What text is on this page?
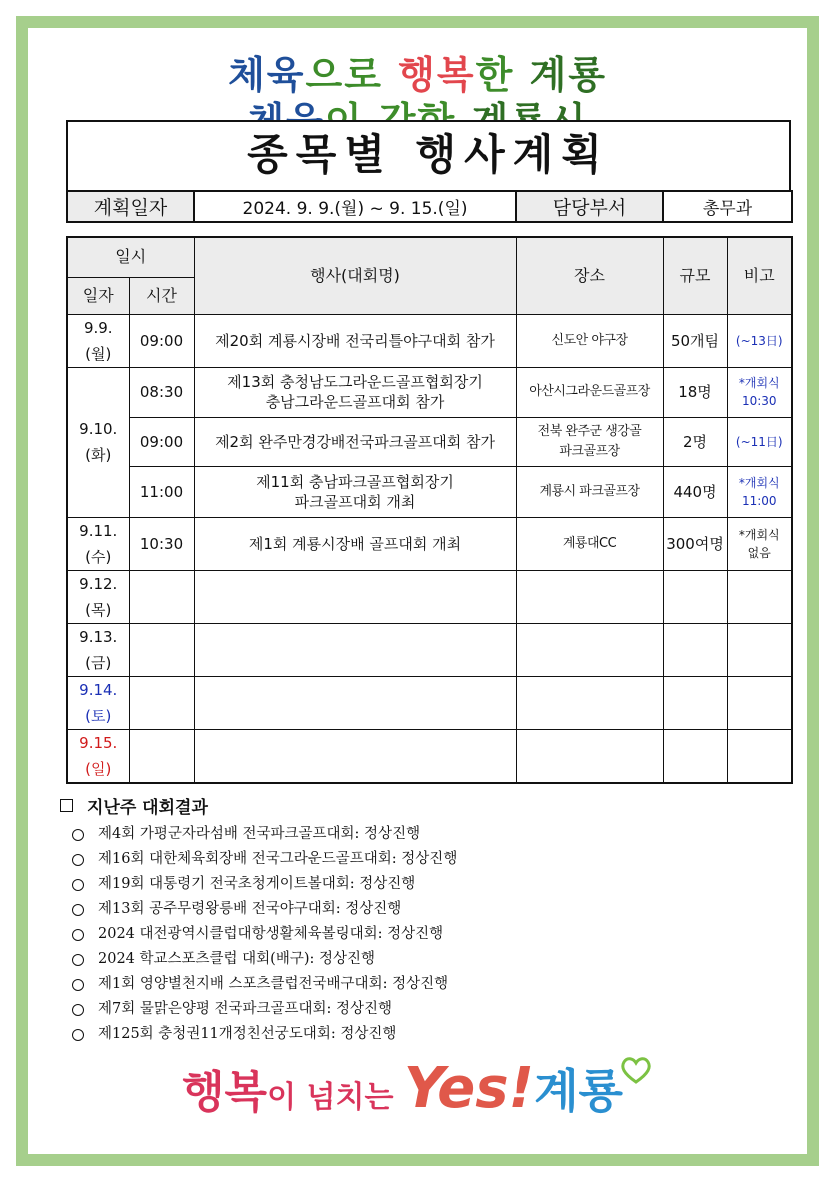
체육으로 행복한 계룡
종목별 행사계획
계획일자	2024. 9. 9.(월) ~ 9. 15.(일)	담당부서	총무과
일시		행사(대회명)	장소	규모	비고
일자	시간				
9.9.
(월)	09:00	제20회 계룡시장배 전국리틀야구대회 참가	신도안 야구장	50개팀	(~13日)
9.10.
(화)	08:30	제13회 충청남도그라운드골프협회장기
충남그라운드골프대회 참가	아산시그라운드골프장	18명	*개회식
10:30
	09:00	제2회 완주만경강배전국파크골프대회 참가	전북 완주군 생강골
파크골프장	2명	(~11日)
	11:00	제11회 충남파크골프협회장기
파크골프대회 개최	계룡시 파크골프장	440명	*개회식
11:00
9.11.
(수)	10:30	제1회 계룡시장배 골프대회 개최	계룡대CC	300여명	*개회식
없음
9.12.
(목)					
9.13.
(금)					
9.14.
(토)					
9.15.
(일)					
지난주 대회결과
제4회 가평군자라섬배 전국파크골프대회: 정상진행
제16회 대한체육회장배 전국그라운드골프대회: 정상진행
제19회 대통령기 전국초청게이트볼대회: 정상진행
제13회 공주무령왕릉배 전국야구대회: 정상진행
2024 대전광역시클럽대항생활체육볼링대회: 정상진행
2024 학교스포츠클럽 대회(배구): 정상진행
제1회 영양별천지배 스포츠클럽전국배구대회: 정상진행
제7회 물맑은양평 전국파크골프대회: 정상진행
제125회 충청권11개정친선궁도대회: 정상진행
행복이 넘치는 Yes!계룡
